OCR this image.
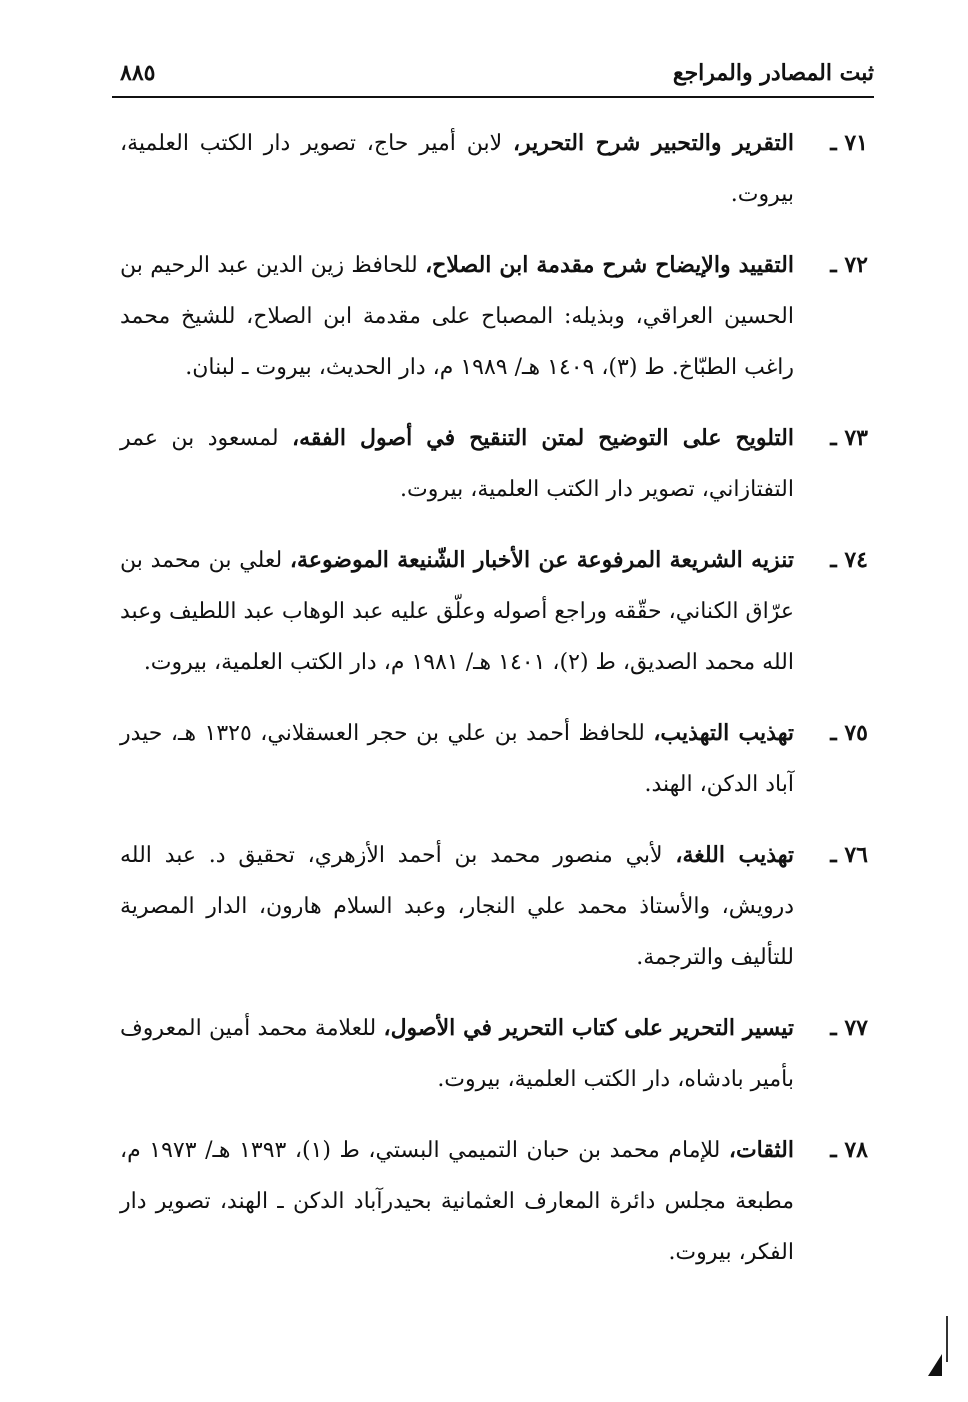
ثبت المصادر والمراجع
٨٨٥
٧١ ـ
التقرير والتحبير شرح التحرير، لابن أمير حاج، تصوير دار الكتب العلمية، بيروت.
٧٢ ـ
التقييد والإيضاح شرح مقدمة ابن الصلاح، للحافظ زين الدين عبد الرحيم بن الحسين العراقي، وبذيله: المصباح على مقدمة ابن الصلاح، للشيخ محمد راغب الطبّاخ. ط (٣)، ١٤٠٩ هـ/ ١٩٨٩ م، دار الحديث، بيروت ـ لبنان.
٧٣ ـ
التلويح على التوضيح لمتن التنقيح في أصول الفقه، لمسعود بن عمر التفتازاني، تصوير دار الكتب العلمية، بيروت.
٧٤ ـ
تنزيه الشريعة المرفوعة عن الأخبار الشّنيعة الموضوعة، لعلي بن محمد بن عرّاق الكناني، حقّقه وراجع أصوله وعلّق عليه عبد الوهاب عبد اللطيف وعبد الله محمد الصديق، ط (٢)، ١٤٠١ هـ/ ١٩٨١ م، دار الكتب العلمية، بيروت.
٧٥ ـ
تهذيب التهذيب، للحافظ أحمد بن علي بن حجر العسقلاني، ١٣٢٥ هـ، حيدر آباد الدكن، الهند.
٧٦ ـ
تهذيب اللغة، لأبي منصور محمد بن أحمد الأزهري، تحقيق د. عبد الله درويش، والأستاذ محمد علي النجار، وعبد السلام هارون، الدار المصرية للتأليف والترجمة.
٧٧ ـ
تيسير التحرير على كتاب التحرير في الأصول، للعلامة محمد أمين المعروف بأمير بادشاه، دار الكتب العلمية، بيروت.
٧٨ ـ
الثقات، للإمام محمد بن حبان التميمي البستي، ط (١)، ١٣٩٣ هـ/ ١٩٧٣ م، مطبعة مجلس دائرة المعارف العثمانية بحيدرآباد الدكن ـ الهند، تصوير دار الفكر، بيروت.
